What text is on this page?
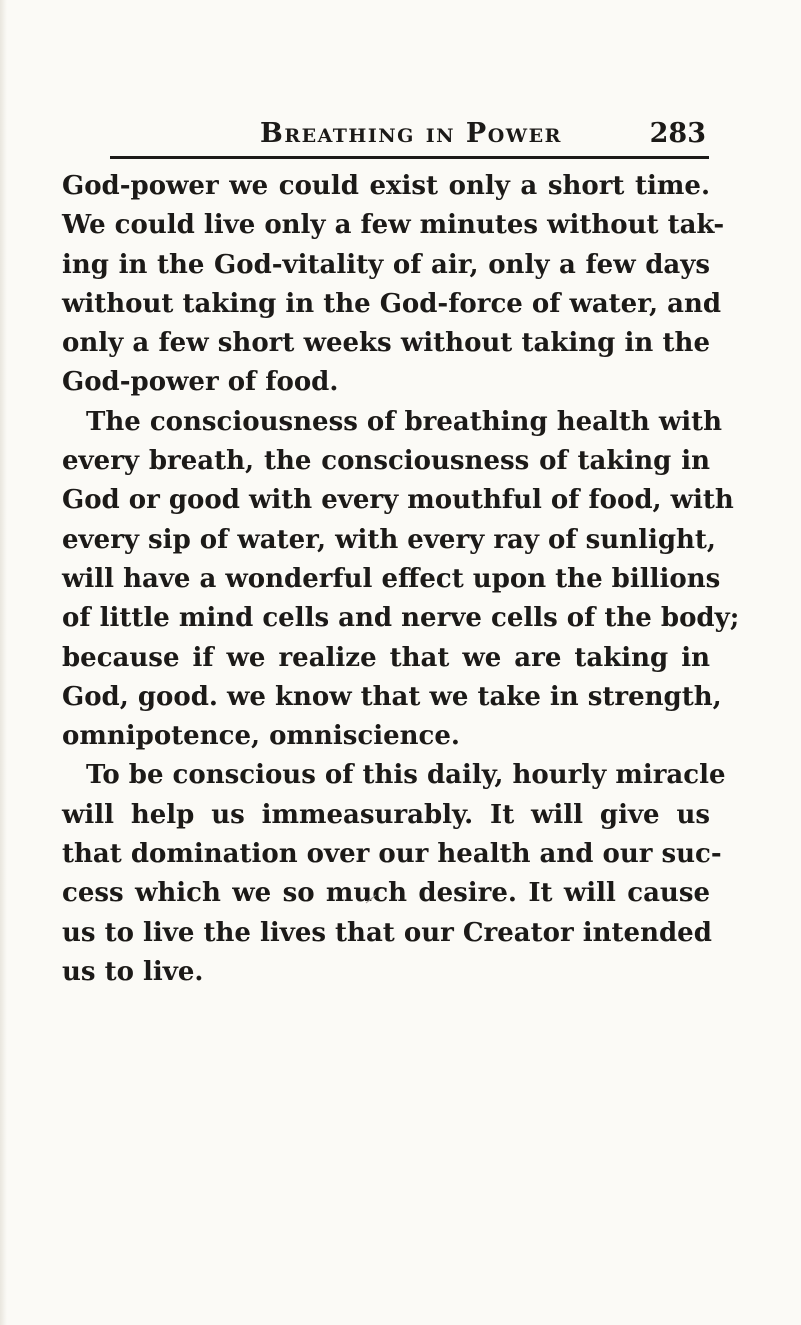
Breathing in Power	283
God-power we could exist only a short time.
We could live only a few minutes without tak-
ing in the God-vitality of air, only a few days
without taking in the God-force of water, and
only a few short weeks without taking in the
God-power of food.
The consciousness of breathing health with
every breath, the consciousness of taking in
God or good with every mouthful of food, with
every sip of water, with every ray of sunlight,
will have a wonderful effect upon the billions
of little mind cells and nerve cells of the body;
because if we realize that we are taking in
God, good. we know that we take in strength,
omnipotence, omniscience.
To be conscious of this daily, hourly miracle
will help us immeasurably. It will give us
that domination over our health and our suc-
cess which we so much desire. It will cause
us to live the lives that our Creator intended
us to live.
